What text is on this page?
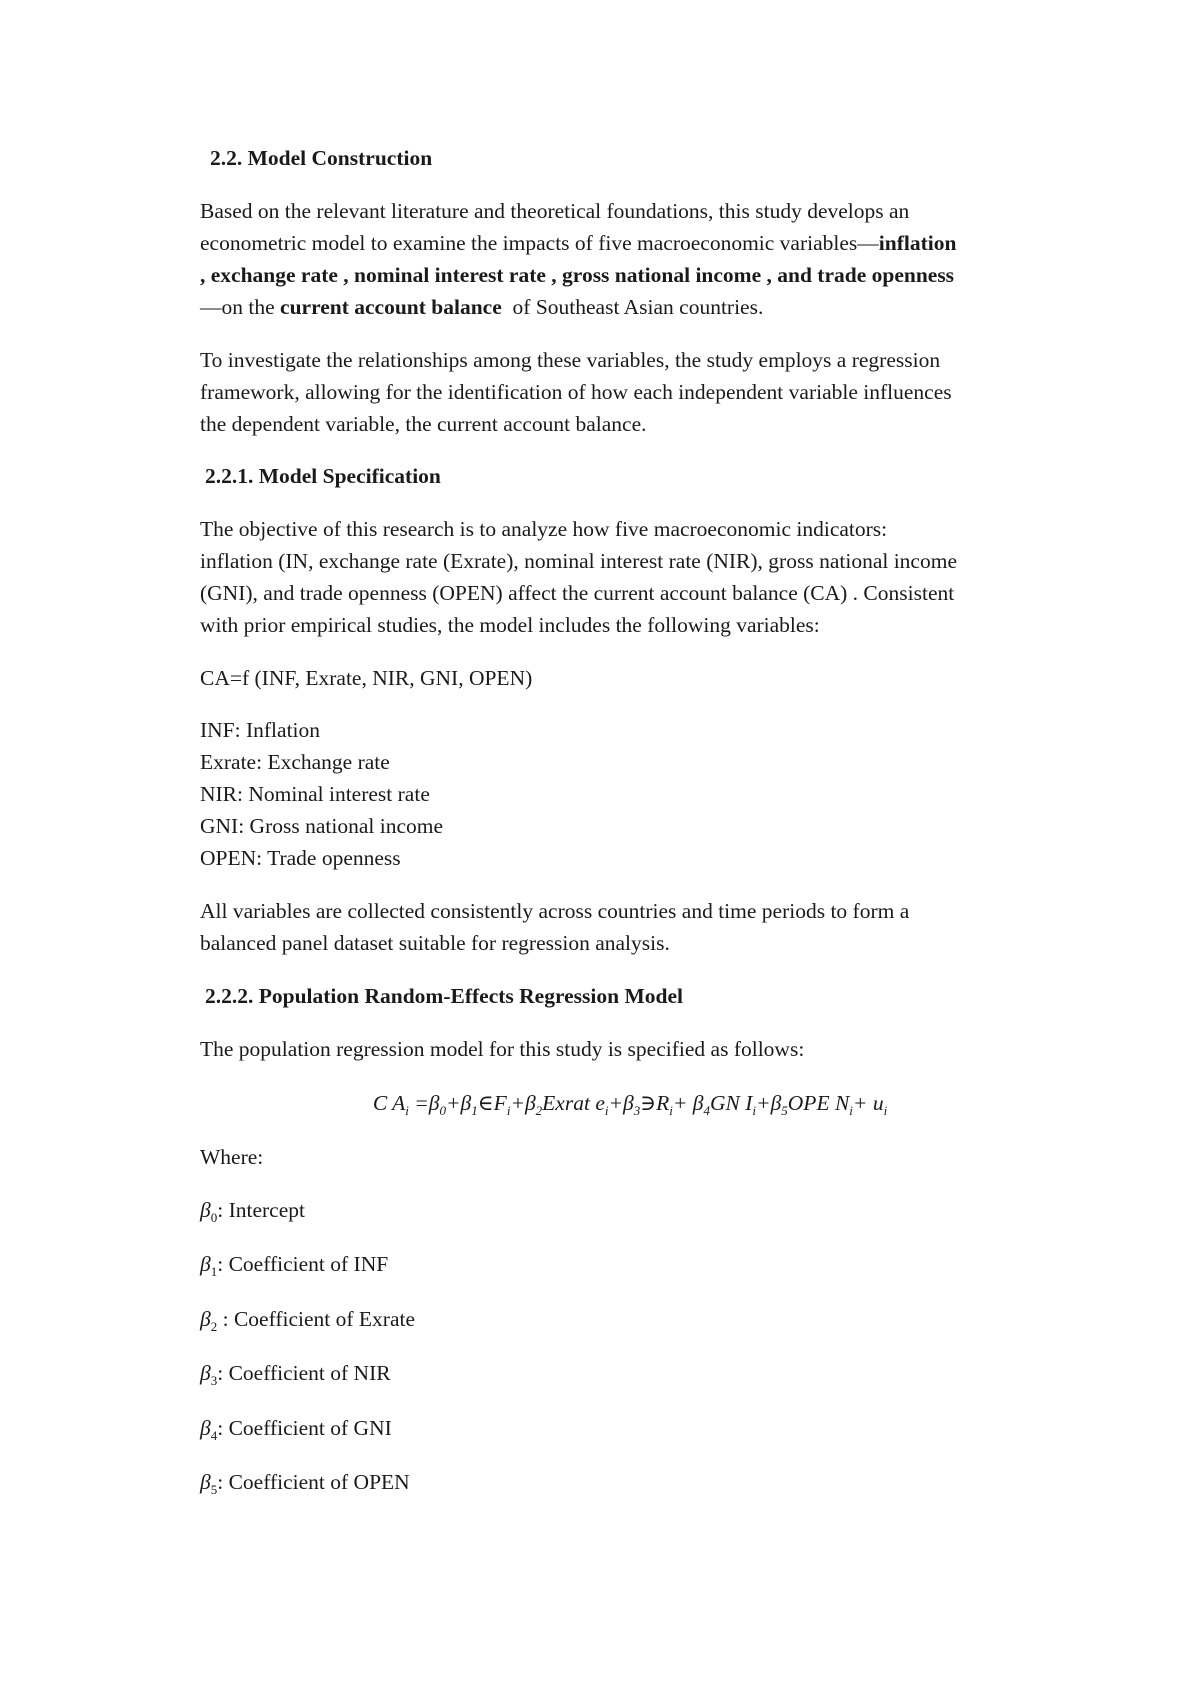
2.2. Model Construction
Based on the relevant literature and theoretical foundations, this study develops an
econometric model to examine the impacts of five macroeconomic variables—inflation
, exchange rate , nominal interest rate , gross national income , and trade openness
—on the current account balance  of Southeast Asian countries.
To investigate the relationships among these variables, the study employs a regression
framework, allowing for the identification of how each independent variable influences
the dependent variable, the current account balance.
2.2.1. Model Specification
The objective of this research is to analyze how five macroeconomic indicators:
inflation (IN, exchange rate (Exrate), nominal interest rate (NIR), gross national income
(GNI), and trade openness (OPEN) affect the current account balance (CA) . Consistent
with prior empirical studies, the model includes the following variables:
CA=f (INF, Exrate, NIR, GNI, OPEN)
INF: Inflation
Exrate: Exchange rate
NIR: Nominal interest rate
GNI: Gross national income
OPEN: Trade openness
All variables are collected consistently across countries and time periods to form a
balanced panel dataset suitable for regression analysis.
2.2.2. Population Random-Effects Regression Model
The population regression model for this study is specified as follows:
C $A_i$ $=\beta_0+\beta_1\in F_i+\beta_2Exrat$ $e_i+\beta_3∋R_i+ \beta_4GN$ $I_i+\beta_5OPE$ $N_i+ u_i$
Where:
$\beta_0$: Intercept
$\beta_1$: Coefficient of INF
$\beta_2$ : Coefficient of Exrate
$\beta_3$: Coefficient of NIR
$\beta_4$: Coefficient of GNI
$\beta_5$: Coefficient of OPEN
